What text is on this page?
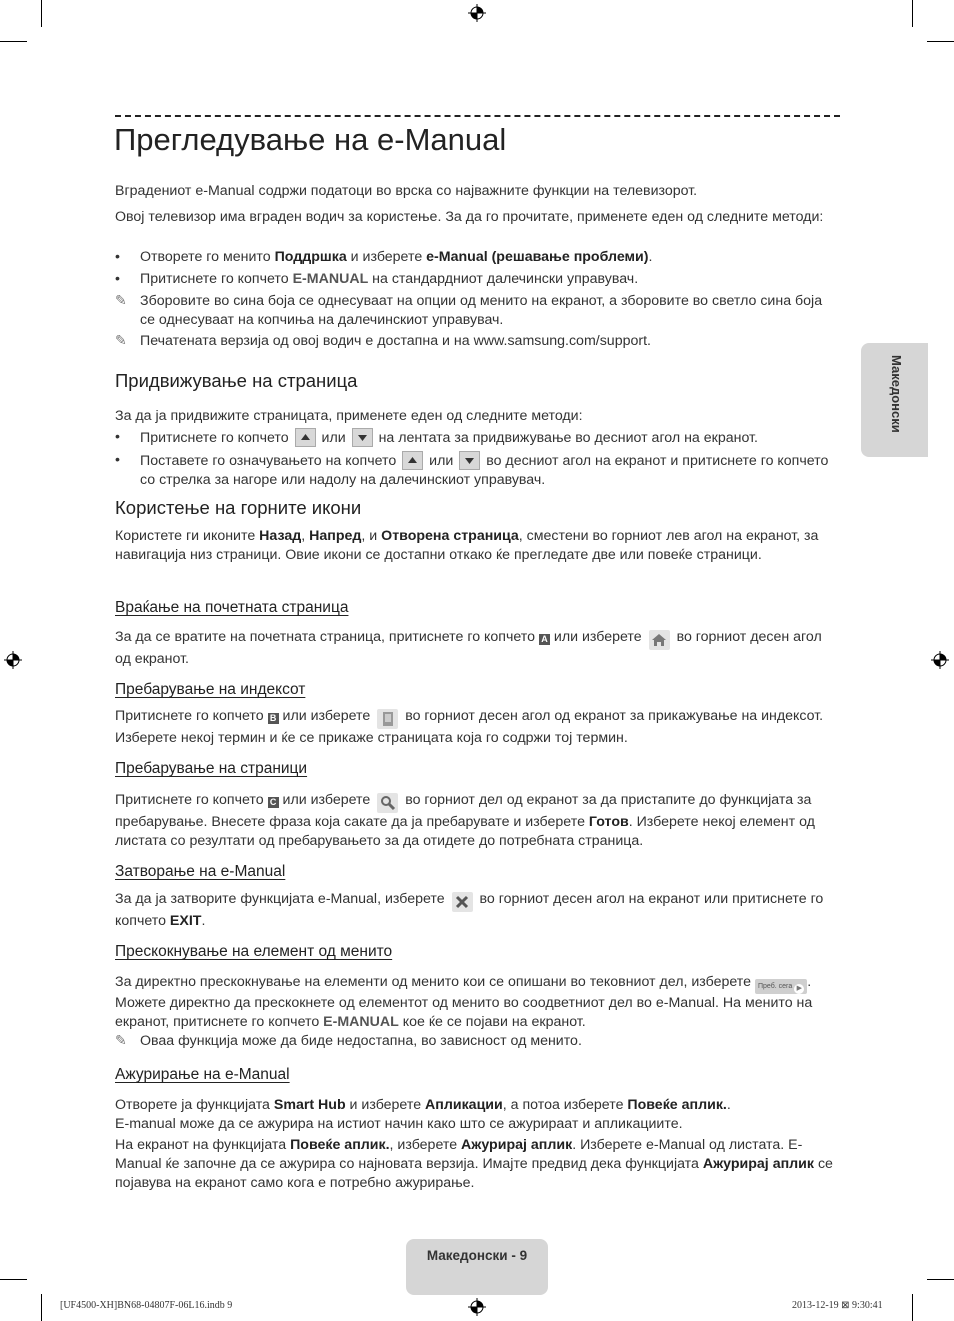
Прегледување на e-Manual
Вградениот e-Manual содржи податоци во врска со најважните функции на телевизорот.
Овој телевизор има вграден водич за користење. За да го прочитате, применете еден од следните методи:
• Отворете го менито Поддршка и изберете e-Manual (решавање проблеми).
• Притиснете го копчето E-MANUAL на стандардниот далечински управувач.
✎ Зборовите во сина боја се однесуваат на опции од менито на екранот, а зборовите во светло сина боја се однесуваат на копчиња на далечинскиот управувач.
✎ Печатената верзија од овој водич е достапна и на www.samsung.com/support.
Придвижување на страница
За да ја придвижите страницата, применете еден од следните методи:
• Притиснете го копчето или на лентата за придвижување во десниот агол на екранот.
• Поставете го означувањето на копчето или во десниот агол на екранот и притиснете го копчето со стрелка за нагоре или надолу на далечинскиот управувач.
Користење на горните икони
Користете ги иконите Назад, Напред, и Отворена страница, сместени во горниот лев агол на екранот, за навигација низ страници. Овие икони се достапни откако ќе прегледате две или повеќе страници.
Враќање на почетната страница
За да се вратите на почетната страница, притиснете го копчето A или изберете во горниот десен агол од екранот.
Пребарување на индексот
Притиснете го копчето B или изберете во горниот десен агол од екранот за прикажување на индексот. Изберете некој термин и ќе се прикаже страницата која го содржи тој термин.
Пребарување на страници
Притиснете го копчето C или изберете во горниот дел од екранот за да пристапите до функцијата за пребарување. Внесете фраза која сакате да ја пребарувате и изберете Готов. Изберете некој елемент од листата со резултати од пребарувањето за да отидете до потребната страница.
Затворање на e-Manual
За да ја затворите функцијата e-Manual, изберете во горниот десен агол на екранот или притиснете го копчето EXIT.
Прескокнување на елемент од менито
За директно прескокнување на елементи од менито кои се опишани во тековниот дел, изберете Преб. сега ▶ . Можете директно да прескокнете од елементот од менито во соодветниот дел во e-Manual. На менито на екранот, притиснете го копчето E-MANUAL кое ќе се појави на екранот.
✎ Оваа функција може да биде недостапна, во зависност од менито.
Ажурирање на e-Manual
Отворете ја функцијата Smart Hub и изберете Апликации, а потоа изберете Повеќе аплик..
E-manual може да се ажурира на истиот начин како што се ажурираат и апликациите.
На екранот на функцијата Повеќе аплик., изберете Ажурирај аплик. Изберете e-Manual од листата. E-Manual ќе започне да се ажурира со најновата верзија. Имајте предвид дека функцијата Ажурирај аплик се појавува на екранот само кога е потребно ажурирање.
Македонски
Македонски - 9
[UF4500-XH]BN68-04807F-06L16.indb 9	2013-12-19 ⊠ 9:30:41
